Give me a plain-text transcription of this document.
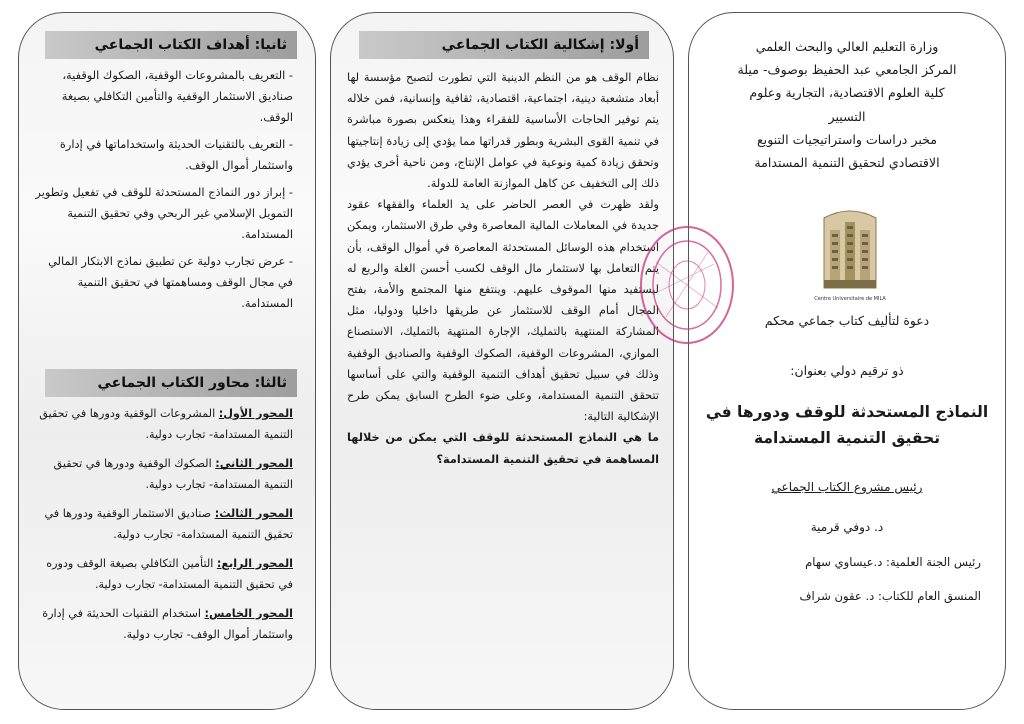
ثانيا: أهداف الكتاب الجماعي

- التعريف بالمشروعات الوقفية، الصكوك الوقفية، صناديق الاستثمار الوقفية والتأمين التكافلي بصيغة الوقف.

- التعريف بالتقنيات الحديثة واستخداماتها في إدارة واستثمار أموال الوقف.

- إبراز دور النماذج المستحدثة للوقف في تفعيل وتطوير التمويل الإسلامي غير الربحي وفي تحقيق التنمية المستدامة.

- عرض تجارب دولية عن تطبيق نماذج الابتكار المالي في مجال الوقف ومساهمتها في تحقيق التنمية المستدامة.

ثالثا: محاور الكتاب الجماعي

المحور الأول: المشروعات الوقفية ودورها في تحقيق التنمية المستدامة- تجارب دولية.

المحور الثاني: الصكوك الوقفية ودورها في تحقيق التنمية المستدامة- تجارب دولية.

المحور الثالث: صناديق الاستثمار الوقفية ودورها في تحقيق التنمية المستدامة- تجارب دولية.

المحور الرابع: التأمين التكافلي بصيغة الوقف ودوره في تحقيق التنمية المستدامة- تجارب دولية.

المحور الخامس: استخدام التقنيات الحديثة في إدارة واستثمار أموال الوقف- تجارب دولية.

أولا: إشكالية الكتاب الجماعي

نظام الوقف هو من النظم الدينية التي تطورت لتصبح مؤسسة لها أبعاد متشعبة دينية، اجتماعية، اقتصادية، ثقافية وإنسانية، فمن خلاله يتم توفير الحاجات الأساسية للفقراء وهذا ينعكس بصورة مباشرة في تنمية القوى البشرية وبطور قدراتها مما يؤدي إلى زيادة إنتاجيتها وتحقق زيادة كمية ونوعية في عوامل الإنتاج، ومن ناحية أخرى يؤدي ذلك إلى التخفيف عن كاهل الموازنة العامة للدولة.

ولقد ظهرت في العصر الحاضر على يد العلماء والفقهاء عقود جديدة في المعاملات المالية المعاصرة وفي طرق الاستثمار، ويمكن استخدام هذه الوسائل المستحدثة المعاصرة في أموال الوقف، بأن يتم التعامل بها لاستثمار مال الوقف لكسب أحسن الغلة والربع له ليستفيد منها الموقوف عليهم. وينتفع منها المجتمع والأمة، بفتح المجال أمام الوقف للاستثمار عن طريقها داخليا ودوليا، مثل المشاركة المنتهية بالتمليك، الإجارة المنتهية بالتمليك، الاستصناع الموازي، المشروعات الوقفية، الصكوك الوقفية والصناديق الوقفية وذلك في سبيل تحقيق أهداف التنمية الوقفية والتي على أساسها تتحقق التنمية المستدامة، وعلى ضوء الطرح السابق يمكن طرح الإشكالية التالية:

ما هي النماذج المستحدثة للوقف التي يمكن من خلالها المساهمة في تحقيق التنمية المستدامة؟

وزارة التعليم العالي والبحث العلمي
المركز الجامعي عبد الحفيظ بوصوف- ميلة
كلية العلوم الاقتصادية، التجارية وعلوم
التسيير
مخبر دراسات واستراتيجيات التنويع
الاقتصادي لتحقيق التنمية المستدامة
Centre Universitaire de MILA
دعوة لتأليف كتاب جماعي محكم
ذو ترقيم دولي بعنوان:
النماذج المستحدثة للوقف ودورها في
تحقيق التنمية المستدامة
رئيس مشروع الكتاب الجماعي
د. دوفي قرمية
رئيس الجنة العلمية: د.عيساوي سهام
المنسق العام للكتاب: د. عقون شراف
